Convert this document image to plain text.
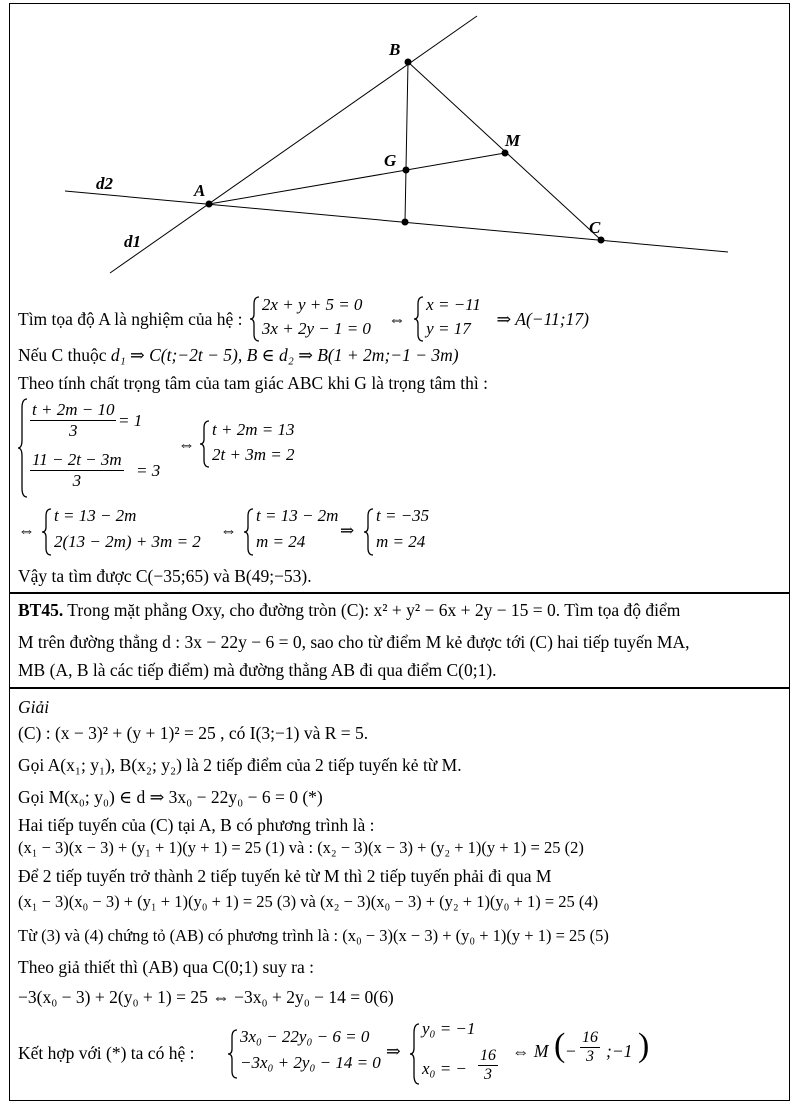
B
M
G
A
C
d2
d1
Tìm tọa độ A là nghiệm của hệ :
2x + y + 5 = 0
3x + 2y − 1 = 0 ⇔
x = −11
y = 17 ⇒ A(−11;17)
Nếu C thuộc d₁ ⇒ C(t;−2t − 5), B ∈ d₂ ⇒ B(1 + 2m;−1 − 3m)
Theo tính chất trọng tâm của tam giác ABC khi G là trọng tâm thì :
$\frac{t + 2m - 10}{3} = 1$
$\frac{11 - 2t - 3m}{3} = 3$
⇔
t + 2m = 13
2t + 3m = 2
⇔
t = 13 − 2m
2(13 − 2m) + 3m = 2
⇔
t = 13 − 2m
m = 24
⇒
t = −35
m = 24
Vậy ta tìm được C(−35;65) và B(49;−53).
BT45. Trong mặt phẳng Oxy, cho đường tròn (C): x² + y² − 6x + 2y − 15 = 0. Tìm tọa độ điểm
M trên đường thẳng d : 3x − 22y − 6 = 0, sao cho từ điểm M kẻ được tới (C) hai tiếp tuyến MA,
MB (A, B là các tiếp điểm) mà đường thẳng AB đi qua điểm C(0;1).
Giải
(C) : (x − 3)² + (y + 1)² = 25 , có I(3;−1) và R = 5.
Gọi A(x₁; y₁), B(x₂; y₂) là 2 tiếp điểm của 2 tiếp tuyến kẻ từ M.
Gọi M(x₀; y₀) ∈ d ⇒ 3x₀ − 22y₀ − 6 = 0 (*)
Hai tiếp tuyến của (C) tại A, B có phương trình là :
(x₁ − 3)(x − 3) + (y₁ + 1)(y + 1) = 25 (1) và : (x₂ − 3)(x − 3) + (y₂ + 1)(y + 1) = 25 (2)
Để 2 tiếp tuyến trở thành 2 tiếp tuyến kẻ từ M thì 2 tiếp tuyến phải đi qua M
(x₁ − 3)(x₀ − 3) + (y₁ + 1)(y₀ + 1) = 25 (3) và (x₂ − 3)(x₀ − 3) + (y₂ + 1)(y₀ + 1) = 25 (4)
Từ (3) và (4) chứng tỏ (AB) có phương trình là : (x₀ − 3)(x − 3) + (y₀ + 1)(y + 1) = 25 (5)
Theo giả thiết thì (AB) qua C(0;1) suy ra :
−3(x₀ − 3) + 2(y₀ + 1) = 25 ⇔ −3x₀ + 2y₀ − 14 = 0(6)
Kết hợp với (*) ta có hệ :
3x₀ − 22y₀ − 6 = 0
−3x₀ + 2y₀ − 14 = 0
⇒
y₀ = −1
x₀ = − $\frac{16}{3}$ ⇔ M ( − $\frac{16}{3}$ ;−1 )
